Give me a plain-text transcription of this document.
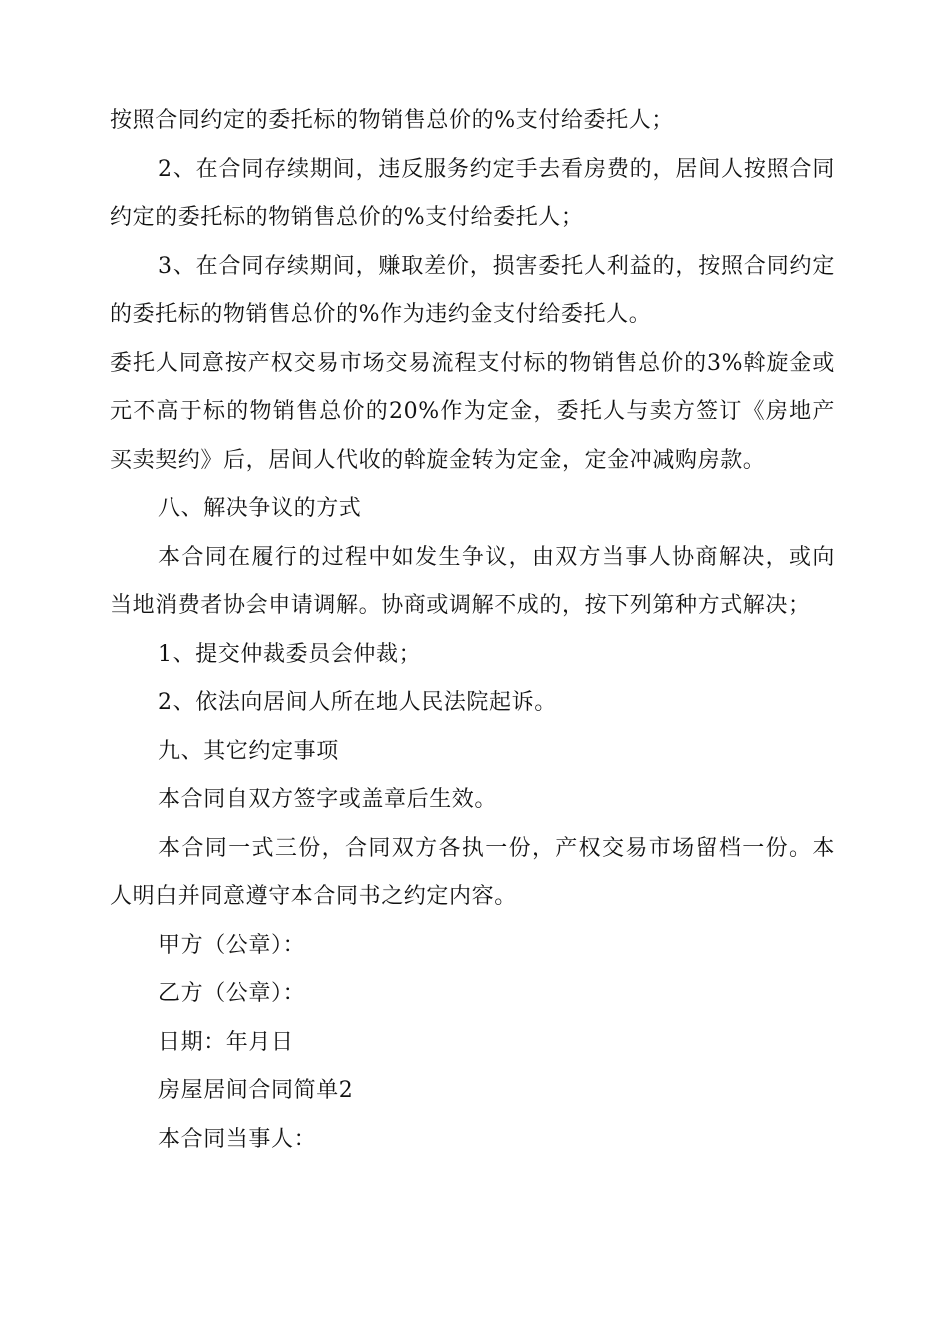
按照合同约定的委托标的物销售总价的%支付给委托人；

2、在合同存续期间，违反服务约定手去看房费的，居间人按照合同约定的委托标的物销售总价的%支付给委托人；

3、在合同存续期间，赚取差价，损害委托人利益的，按照合同约定的委托标的物销售总价的%作为违约金支付给委托人。

委托人同意按产权交易市场交易流程支付标的物销售总价的3%斡旋金或元不高于标的物销售总价的20%作为定金，委托人与卖方签订《房地产买卖契约》后，居间人代收的斡旋金转为定金，定金冲减购房款。

八、解决争议的方式

本合同在履行的过程中如发生争议，由双方当事人协商解决，或向当地消费者协会申请调解。协商或调解不成的，按下列第种方式解决；

1、提交仲裁委员会仲裁；

2、依法向居间人所在地人民法院起诉。

九、其它约定事项

本合同自双方签字或盖章后生效。

本合同一式三份，合同双方各执一份，产权交易市场留档一份。本人明白并同意遵守本合同书之约定内容。

甲方（公章）：

乙方（公章）：

日期：年月日

房屋居间合同简单2

本合同当事人：
